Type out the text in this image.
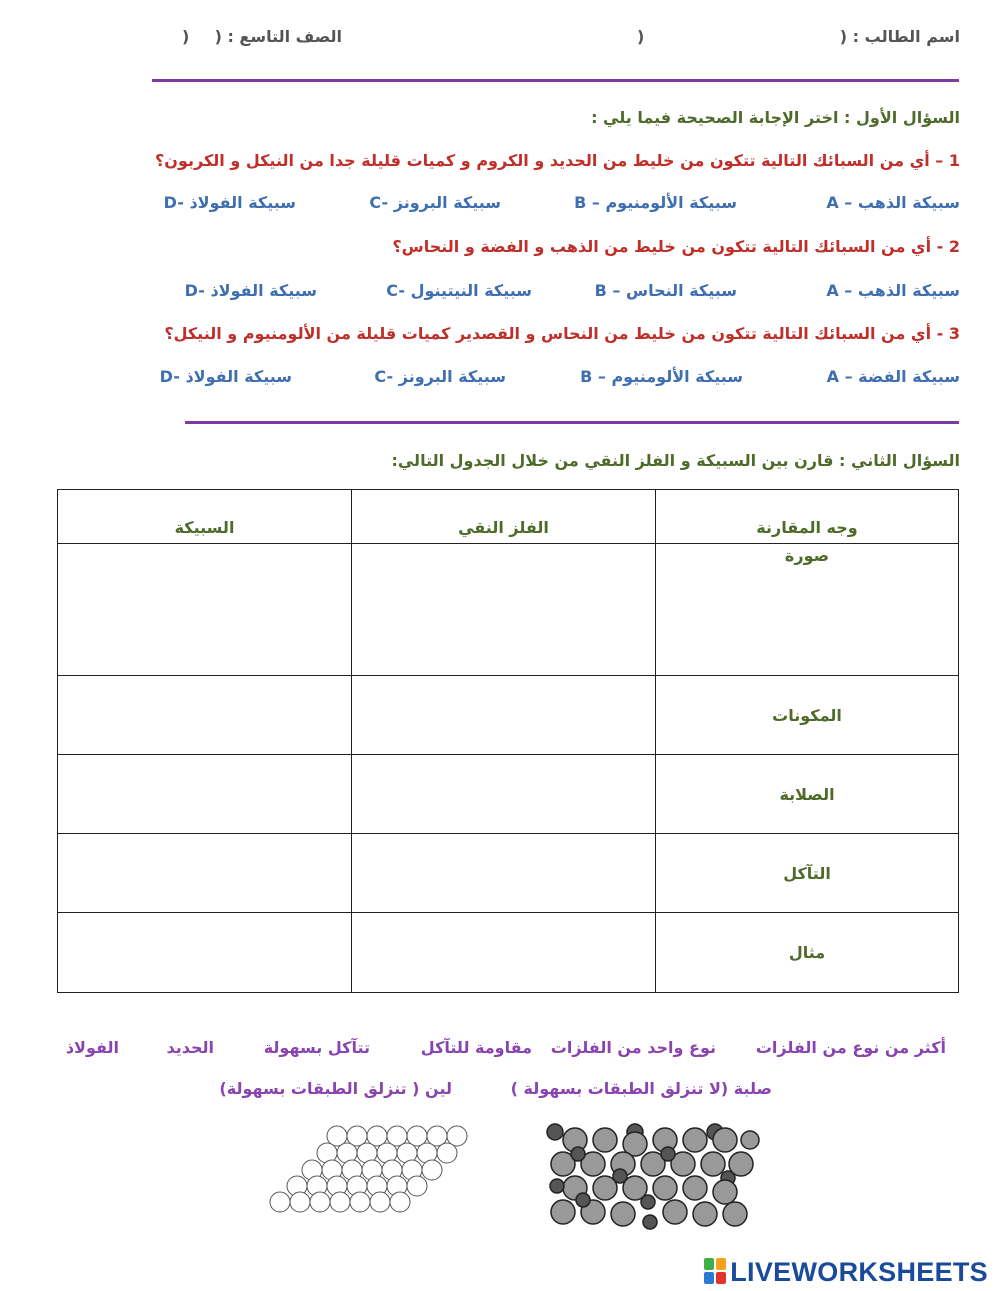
اسم الطالب : (
)
الصف التاسع : (
)
السؤال الأول : اختر الإجابة الصحيحة فيما يلي :
1 – أي من السبائك التالية تتكون من خليط من الحديد و الكروم و كميات قليلة جدا من النيكل و الكربون؟
A – سبيكة الذهب
B – سبيكة الألومنيوم
C- سبيكة البرونز
D- سبيكة الفولاذ
2 - أي من السبائك التالية تتكون من خليط من الذهب و الفضة و النحاس؟
A – سبيكة الذهب
B – سبيكة النحاس
C- سبيكة النيتينول
D- سبيكة الفولاذ
3 - أي من السبائك التالية تتكون من خليط من النحاس و القصدير كميات قليلة من الألومنيوم و النيكل؟
A – سبيكة الفضة
B – سبيكة الألومنيوم
C- سبيكة البرونز
D- سبيكة الفولاذ
السؤال الثاني : قارن بين السبيكة و الفلز النقي من خلال الجدول التالي:
وجه المقارنة	الفلز النقي	السبيكة
صورة		
المكونات		
الصلابة		
التآكل		
مثال		
أكثر من نوع من الفلزات
نوع واحد من الفلزات
مقاومة للتآكل
تتآكل بسهولة
الحديد
الفولاذ
صلبة (لا تنزلق الطبقات بسهولة )
لين ( تنزلق الطبقات بسهولة)
LIVEWORKSHEETS
